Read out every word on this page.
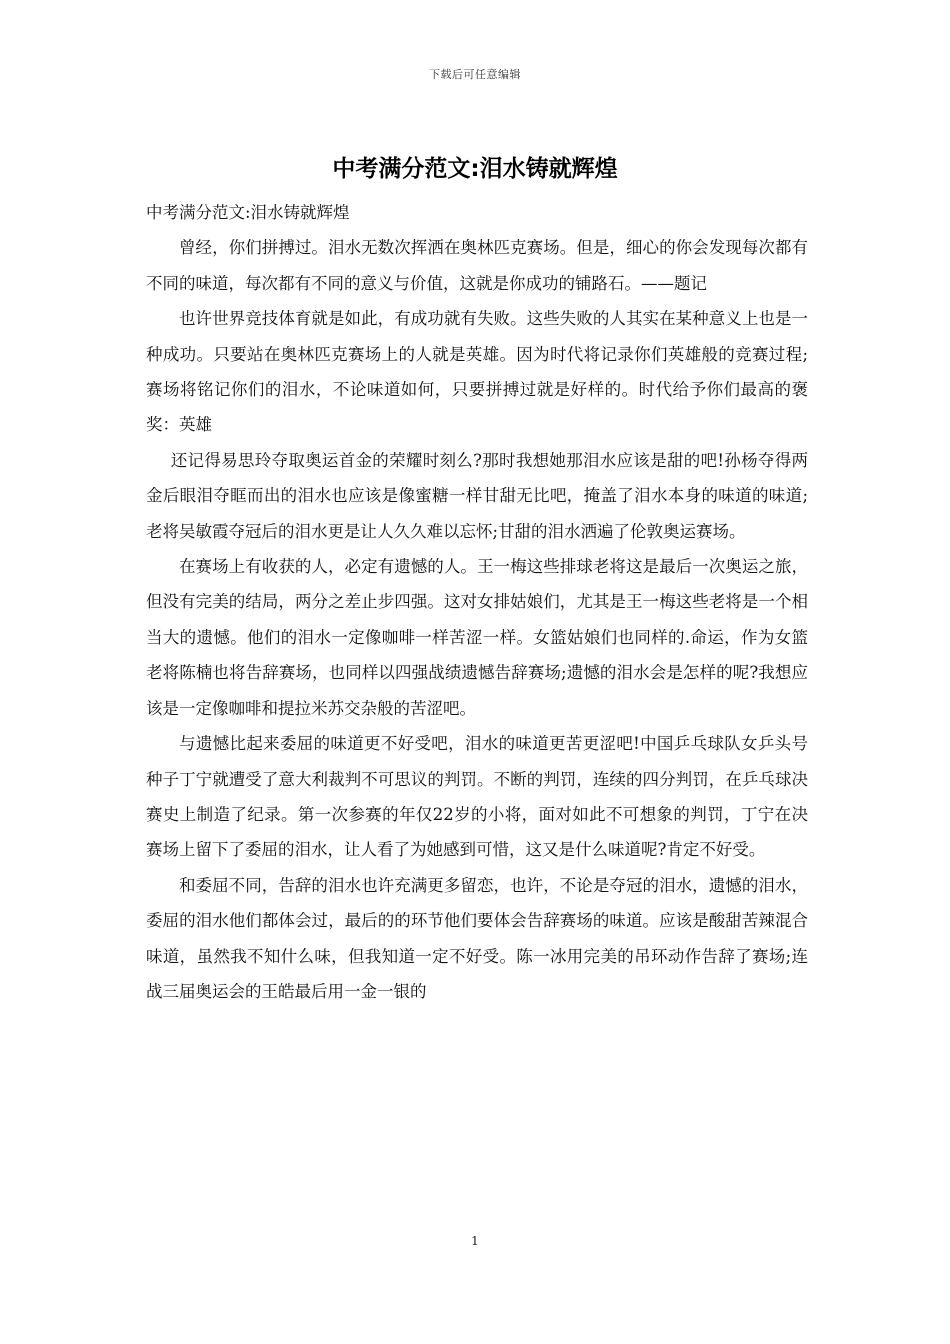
下载后可任意编辑
中考满分范文:泪水铸就辉煌

中考满分范文:泪水铸就辉煌

曾经，你们拼搏过。泪水无数次挥洒在奥林匹克赛场。但是，细心的你会发现每次都有不同的味道，每次都有不同的意义与价值，这就是你成功的铺路石。——题记

也许世界竞技体育就是如此，有成功就有失败。这些失败的人其实在某种意义上也是一种成功。只要站在奥林匹克赛场上的人就是英雄。因为时代将记录你们英雄般的竞赛过程;赛场将铭记你们的泪水，不论味道如何，只要拼搏过就是好样的。时代给予你们最高的褒奖：英雄

还记得易思玲夺取奥运首金的荣耀时刻么?那时我想她那泪水应该是甜的吧!孙杨夺得两金后眼泪夺眶而出的泪水也应该是像蜜糖一样甘甜无比吧，掩盖了泪水本身的味道的味道;老将吴敏霞夺冠后的泪水更是让人久久难以忘怀;甘甜的泪水洒遍了伦敦奥运赛场。

在赛场上有收获的人，必定有遗憾的人。王一梅这些排球老将这是最后一次奥运之旅，但没有完美的结局，两分之差止步四强。这对女排姑娘们，尤其是王一梅这些老将是一个相当大的遗憾。他们的泪水一定像咖啡一样苦涩一样。女篮姑娘们也同样的.命运，作为女篮老将陈楠也将告辞赛场，也同样以四强战绩遗憾告辞赛场;遗憾的泪水会是怎样的呢?我想应该是一定像咖啡和提拉米苏交杂般的苦涩吧。

与遗憾比起来委屈的味道更不好受吧，泪水的味道更苦更涩吧!中国乒乓球队女乒头号种子丁宁就遭受了意大利裁判不可思议的判罚。不断的判罚，连续的四分判罚，在乒乓球决赛史上制造了纪录。第一次参赛的年仅22岁的小将，面对如此不可想象的判罚，丁宁在决赛场上留下了委屈的泪水，让人看了为她感到可惜，这又是什么味道呢?肯定不好受。

和委屈不同，告辞的泪水也许充满更多留恋，也许，不论是夺冠的泪水，遗憾的泪水，委屈的泪水他们都体会过，最后的的环节他们要体会告辞赛场的味道。应该是酸甜苦辣混合味道，虽然我不知什么味，但我知道一定不好受。陈一冰用完美的吊环动作告辞了赛场;连战三届奥运会的王皓最后用一金一银的

1
